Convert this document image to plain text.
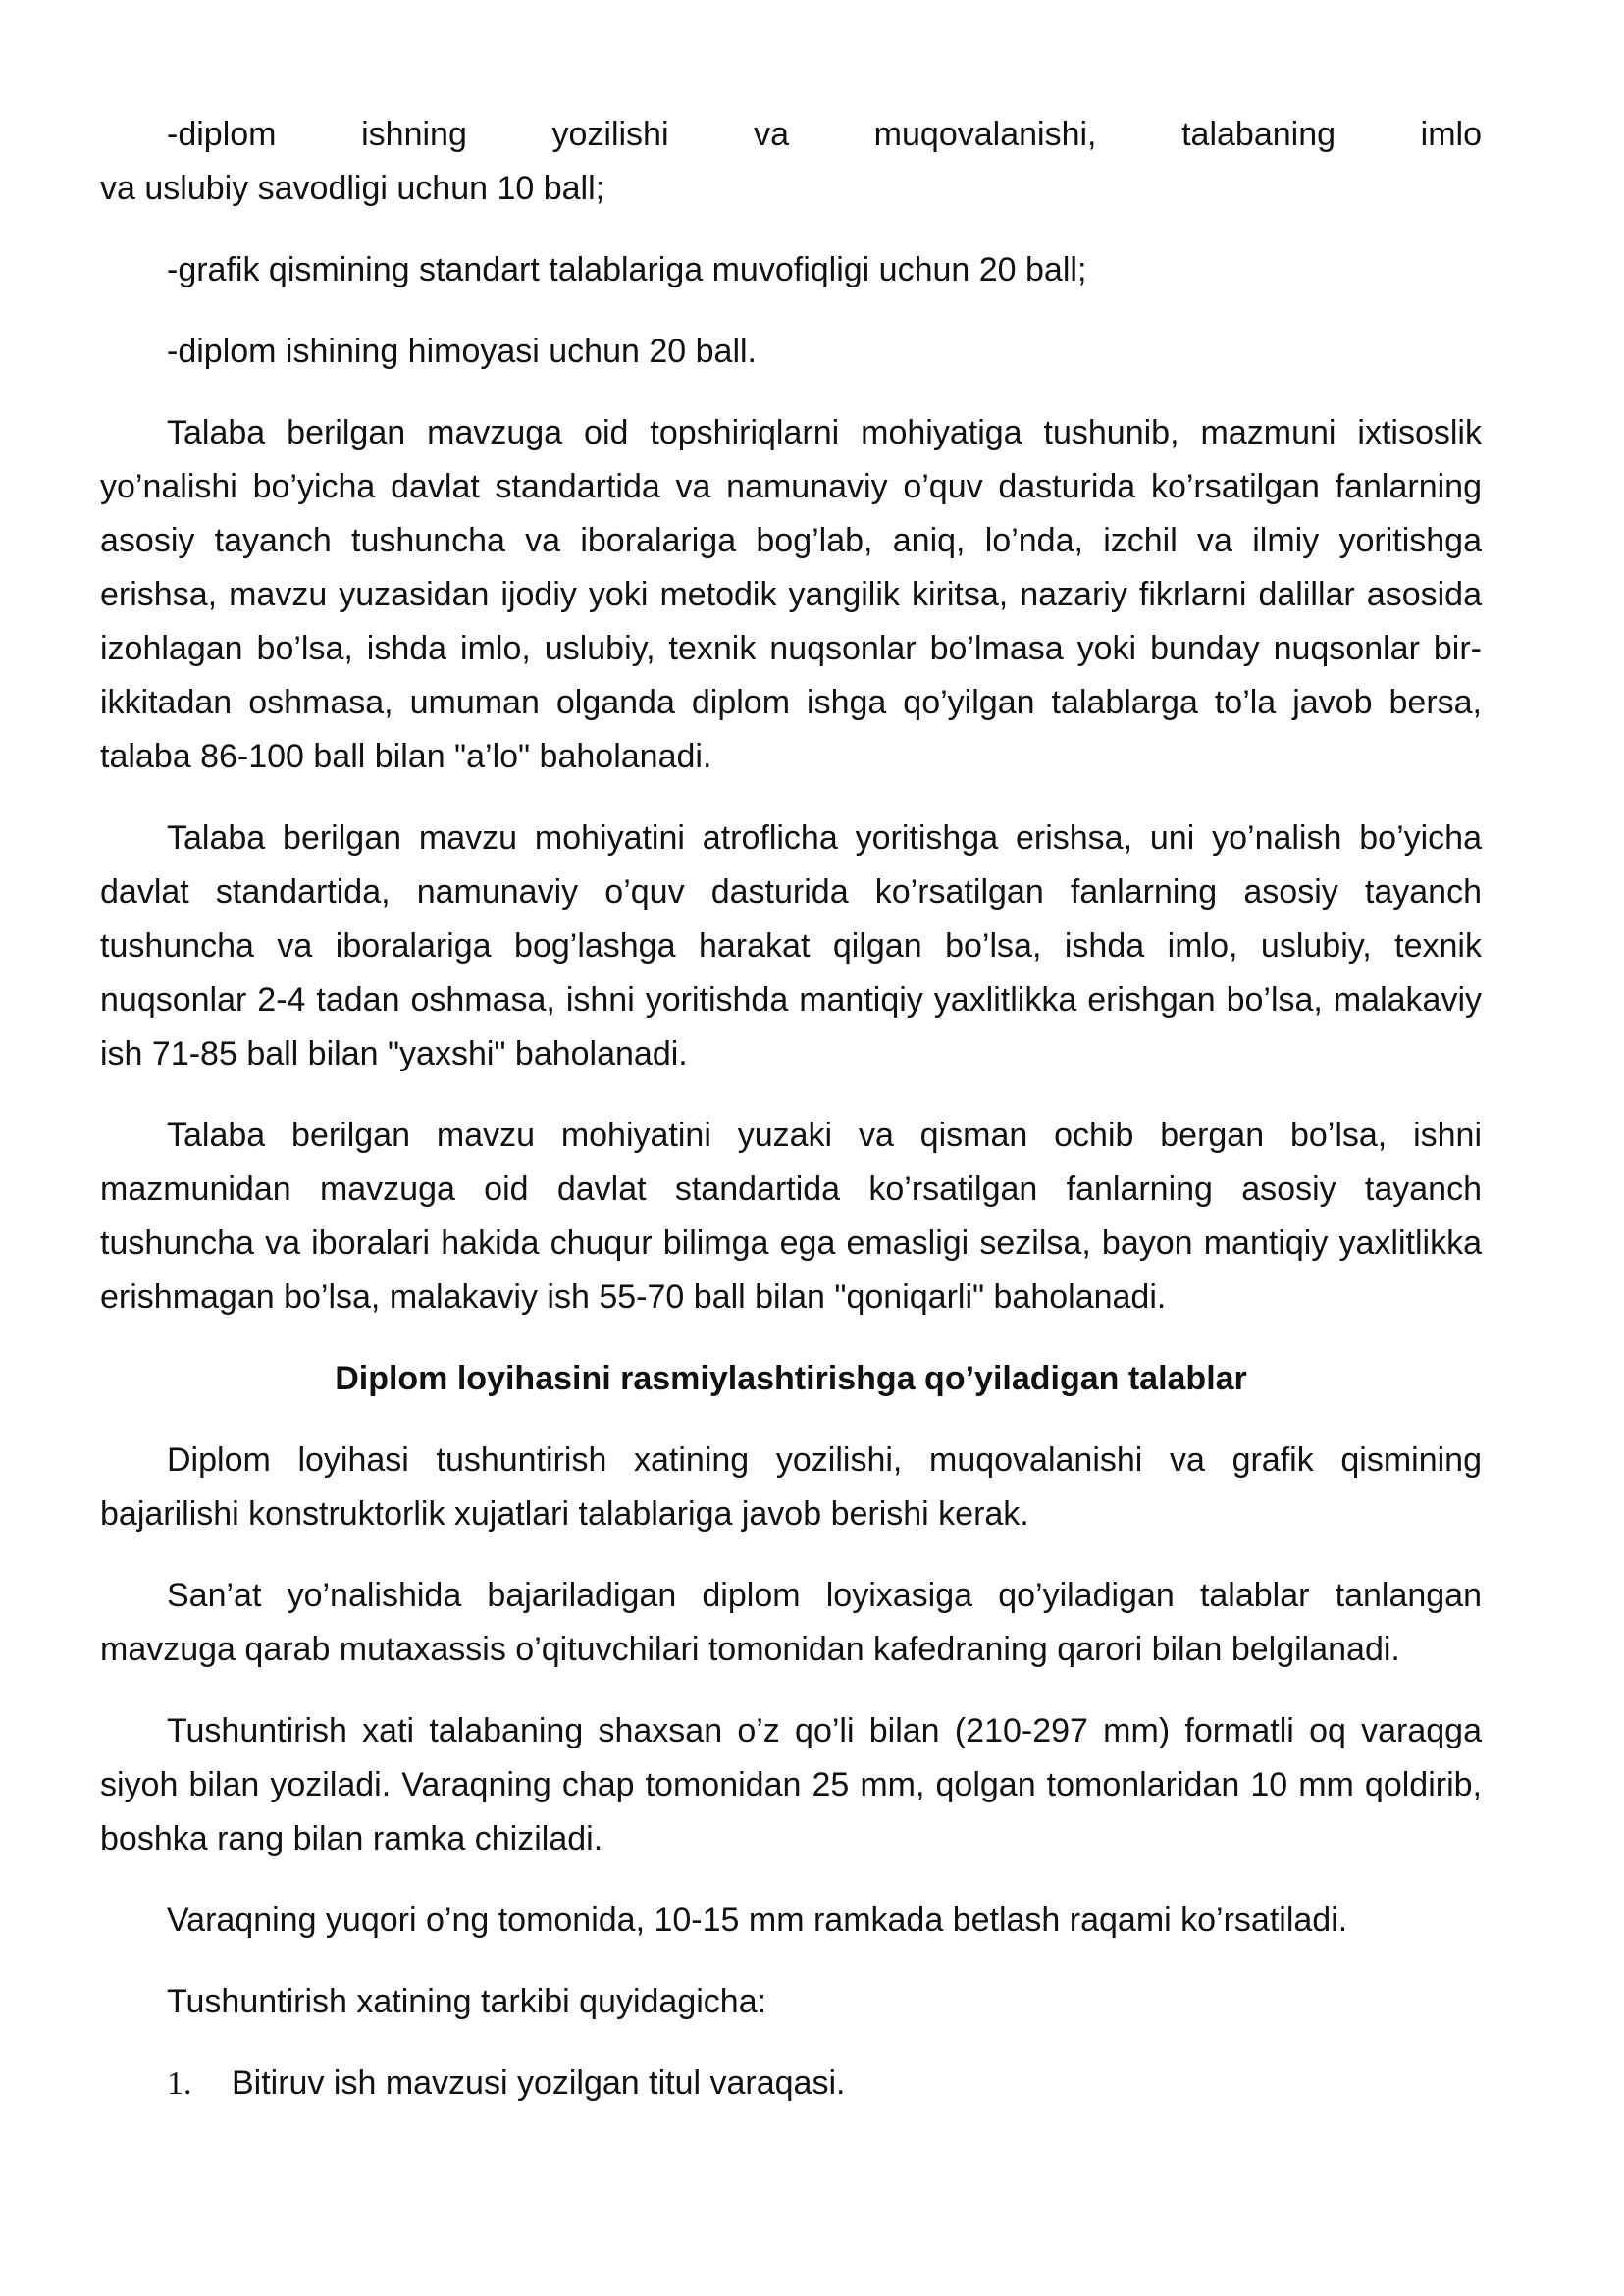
-diplom ishning yozilishi va muqovalanishi, talabaning imlo

va uslubiy savodligi uchun 10 ball;

-grafik qismining standart talablariga muvofiqligi uchun 20 ball;

-diplom ishining himoyasi uchun 20 ball.

Talaba berilgan mavzuga oid topshiriqlarni mohiyatiga tushunib, mazmuni ixtisoslik yo’nalishi bo’yicha davlat standartida va namunaviy o’quv dasturida ko’rsatilgan fanlarning asosiy tayanch tushuncha va iboralariga bog’lab, aniq, lo’nda, izchil va ilmiy yoritishga erishsa, mavzu yuzasidan ijodiy yoki metodik yangilik kiritsa, nazariy fikrlarni dalillar asosida izohlagan bo’lsa, ishda imlo, uslubiy, texnik nuqsonlar bo’lmasa yoki bunday nuqsonlar bir-ikkitadan oshmasa, umuman olganda diplom ishga qo’yilgan talablarga to’la javob bersa, talaba 86-100 ball bilan "a’lo" baholanadi.

Talaba berilgan mavzu mohiyatini atroflicha yoritishga erishsa, uni yo’nalish bo’yicha davlat standartida, namunaviy o’quv dasturida ko’rsatilgan fanlarning asosiy tayanch tushuncha va iboralariga bog’lashga harakat qilgan bo’lsa, ishda imlo, uslubiy, texnik nuqsonlar 2-4 tadan oshmasa, ishni yoritishda mantiqiy yaxlitlikka erishgan bo’lsa, malakaviy ish 71-85 ball bilan "yaxshi" baholanadi.

Talaba berilgan mavzu mohiyatini yuzaki va qisman ochib bergan bo’lsa, ishni mazmunidan mavzuga oid davlat standartida ko’rsatilgan fanlarning asosiy tayanch tushuncha va iboralari hakida chuqur bilimga ega emasligi sezilsa, bayon mantiqiy yaxlitlikka erishmagan bo’lsa, malakaviy ish 55-70 ball bilan "qoniqarli" baholanadi.

Diplom loyihasini rasmiylashtirishga qo’yiladigan talablar

Diplom loyihasi tushuntirish xatining yozilishi, muqovalanishi va grafik qismining bajarilishi konstruktorlik xujatlari talablariga javob berishi kerak.

San’at yo’nalishida bajariladigan diplom loyixasiga qo’yiladigan talablar tanlangan mavzuga qarab mutaxassis o’qituvchilari tomonidan kafedraning qarori bilan belgilanadi.

Tushuntirish xati talabaning shaxsan o’z qo’li bilan (210-297 mm) formatli oq varaqga siyoh bilan yoziladi. Varaqning chap tomonidan 25 mm, qolgan tomonlaridan 10 mm qoldirib, boshka rang bilan ramka chiziladi.

Varaqning yuqori o’ng tomonida, 10-15 mm ramkada betlash raqami ko’rsatiladi.

Tushuntirish xatining tarkibi quyidagicha:

1.	Bitiruv ish mavzusi yozilgan titul varaqasi.
